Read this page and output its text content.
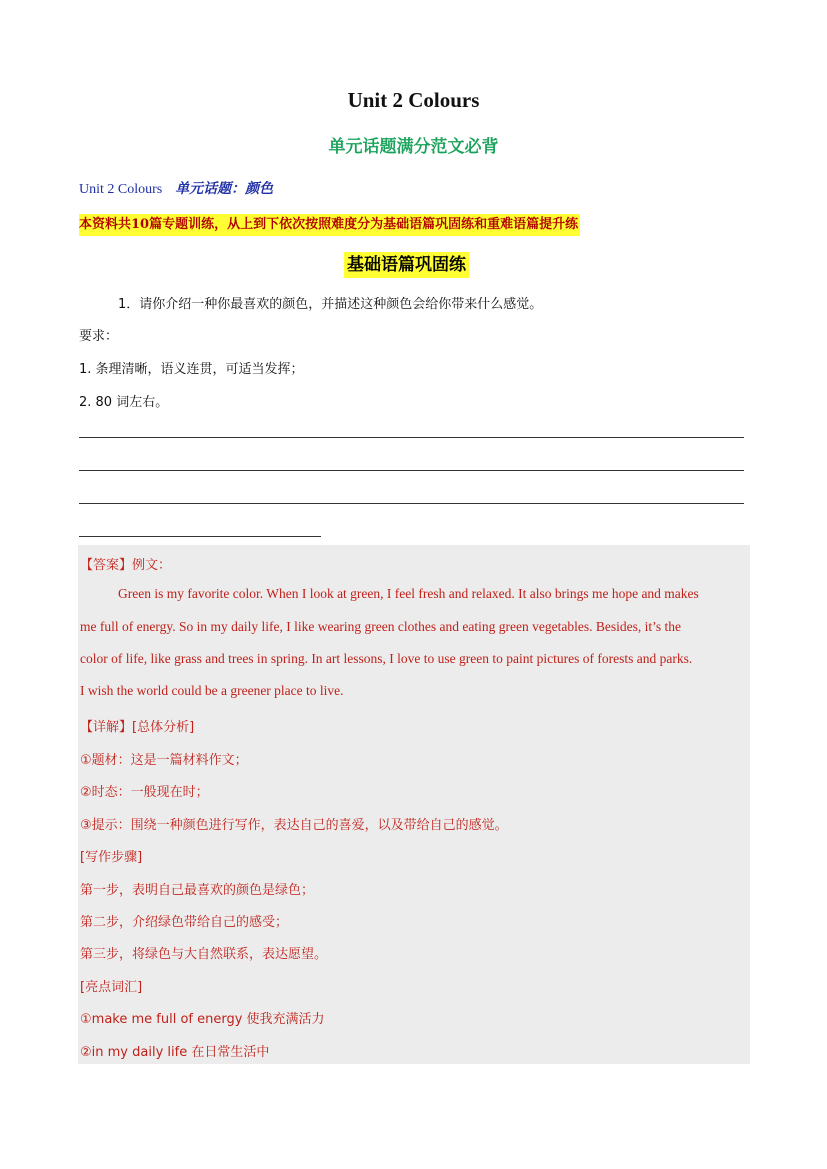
Unit 2 Colours
单元话题满分范文必背
Unit 2 Colours 单元话题：颜色
本资料共10篇专题训练，从上到下依次按照难度分为基础语篇巩固练和重难语篇提升练
基础语篇巩固练
1．请你介绍一种你最喜欢的颜色，并描述这种颜色会给你带来什么感觉。
要求：
1. 条理清晰，语义连贯，可适当发挥；
2. 80 词左右。
【答案】例文：
Green is my favorite color. When I look at green, I feel fresh and relaxed. It also brings me hope and makes
me full of energy. So in my daily life, I like wearing green clothes and eating green vegetables. Besides, it’s the
color of life, like grass and trees in spring. In art lessons, I love to use green to paint pictures of forests and parks.
I wish the world could be a greener place to live.
【详解】[总体分析]
①题材：这是一篇材料作文；
②时态：一般现在时；
③提示：围绕一种颜色进行写作，表达自己的喜爱，以及带给自己的感觉。
[写作步骤]
第一步，表明自己最喜欢的颜色是绿色；
第二步，介绍绿色带给自己的感受；
第三步，将绿色与大自然联系，表达愿望。
[亮点词汇]
①make me full of energy 使我充满活力
②in my daily life 在日常生活中
